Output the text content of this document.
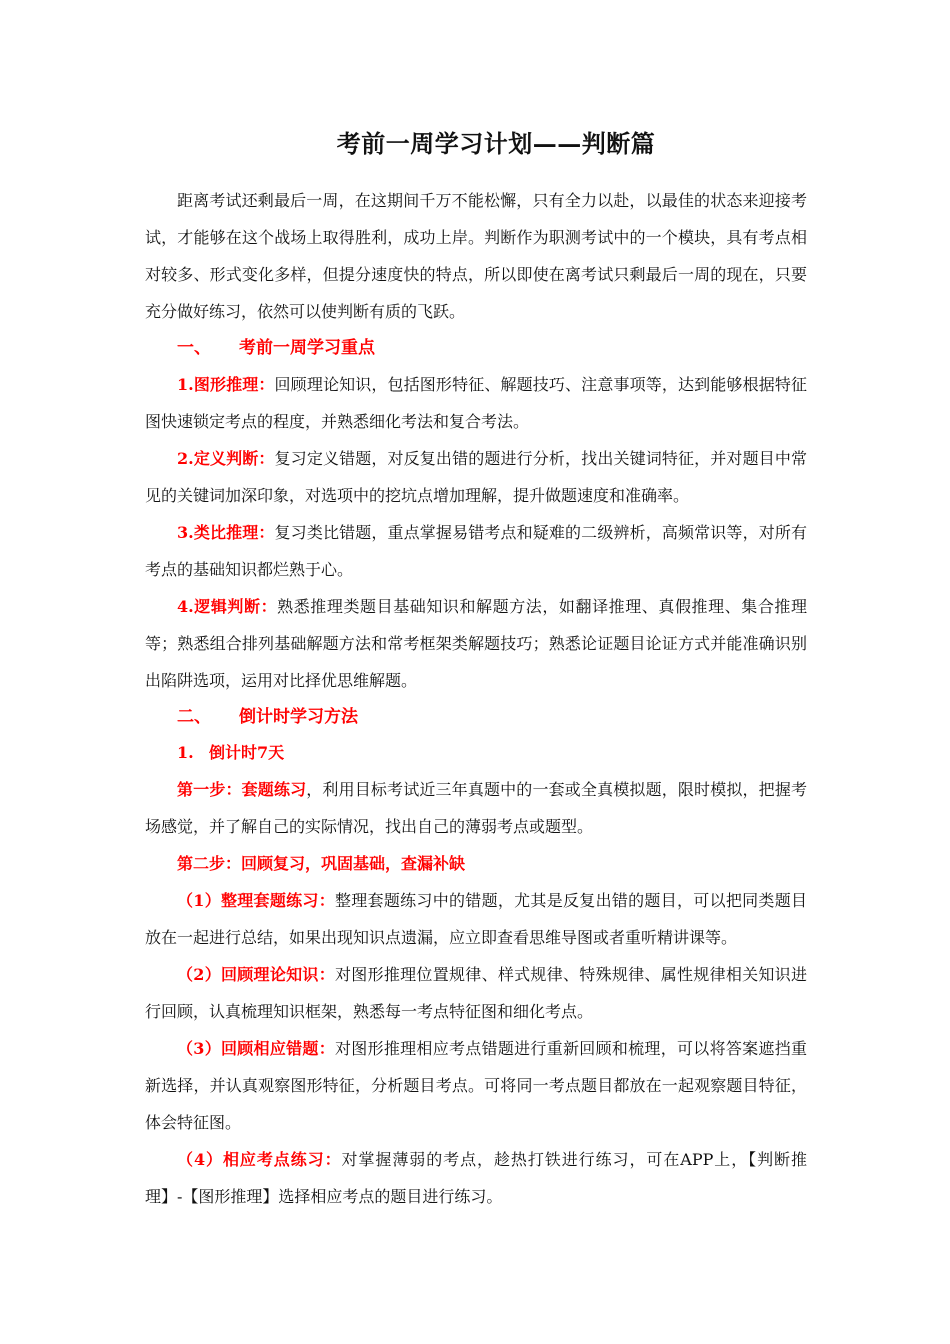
考前一周学习计划——判断篇

距离考试还剩最后一周，在这期间千万不能松懈，只有全力以赴，以最佳的状态来迎接考试，才能够在这个战场上取得胜利，成功上岸。判断作为职测考试中的一个模块，具有考点相对较多、形式变化多样，但提分速度快的特点，所以即使在离考试只剩最后一周的现在，只要充分做好练习，依然可以使判断有质的飞跃。

一、 考前一周学习重点

1.图形推理：回顾理论知识，包括图形特征、解题技巧、注意事项等，达到能够根据特征图快速锁定考点的程度，并熟悉细化考法和复合考法。

2.定义判断：复习定义错题，对反复出错的题进行分析，找出关键词特征，并对题目中常见的关键词加深印象，对选项中的挖坑点增加理解，提升做题速度和准确率。

3.类比推理：复习类比错题，重点掌握易错考点和疑难的二级辨析，高频常识等，对所有考点的基础知识都烂熟于心。

4.逻辑判断：熟悉推理类题目基础知识和解题方法，如翻译推理、真假推理、集合推理等；熟悉组合排列基础解题方法和常考框架类解题技巧；熟悉论证题目论证方式并能准确识别出陷阱选项，运用对比择优思维解题。

二、 倒计时学习方法
1. 倒计时7天

第一步：套题练习，利用目标考试近三年真题中的一套或全真模拟题，限时模拟，把握考场感觉，并了解自己的实际情况，找出自己的薄弱考点或题型。

第二步：回顾复习，巩固基础，查漏补缺

（1）整理套题练习：整理套题练习中的错题，尤其是反复出错的题目，可以把同类题目放在一起进行总结，如果出现知识点遗漏，应立即查看思维导图或者重听精讲课等。

（2）回顾理论知识：对图形推理位置规律、样式规律、特殊规律、属性规律相关知识进行回顾，认真梳理知识框架，熟悉每一考点特征图和细化考点。

（3）回顾相应错题：对图形推理相应考点错题进行重新回顾和梳理，可以将答案遮挡重新选择，并认真观察图形特征，分析题目考点。可将同一考点题目都放在一起观察题目特征，体会特征图。

（4）相应考点练习：对掌握薄弱的考点，趁热打铁进行练习，可在APP上，【判断推理】-【图形推理】选择相应考点的题目进行练习。
